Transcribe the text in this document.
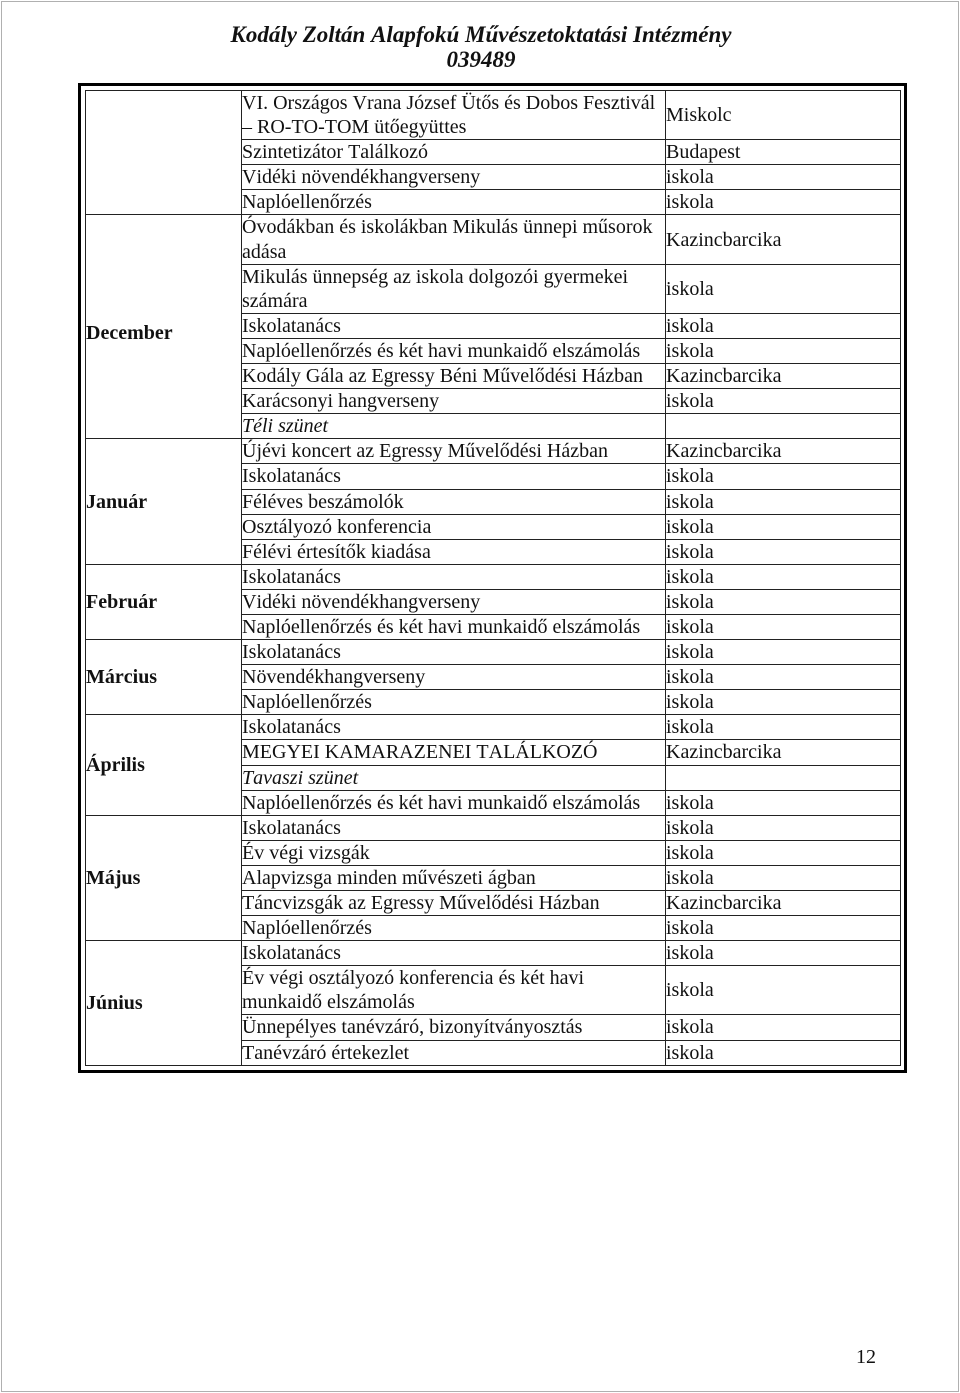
Kodály Zoltán Alapfokú Művészetoktatási Intézmény
039489
	VI. Országos Vrana József Ütős és Dobos Fesztivál – RO-TO-TOM ütőegyüttes	Miskolc
	Szintetizátor Találkozó	Budapest
	Vidéki növendékhangverseny	iskola
	Naplóellenőrzés	iskola

December	Óvodákban és iskolákban Mikulás ünnepi műsorok adása	Kazincbarcika
	Mikulás ünnepség az iskola dolgozói gyermekei számára	iskola
	Iskolatanács	iskola
	Naplóellenőrzés és két havi munkaidő elszámolás	iskola
	Kodály Gála az Egressy Béni Művelődési Házban	Kazincbarcika
	Karácsonyi hangverseny	iskola
	Téli szünet	

Január	Újévi koncert az Egressy Művelődési Házban	Kazincbarcika
	Iskolatanács	iskola
	Féléves beszámolók	iskola
	Osztályozó konferencia	iskola
	Félévi értesítők kiadása	iskola

Február	Iskolatanács	iskola
	Vidéki növendékhangverseny	iskola
	Naplóellenőrzés és két havi munkaidő elszámolás	iskola

Március	Iskolatanács	iskola
	Növendékhangverseny	iskola
	Naplóellenőrzés	iskola

Április	Iskolatanács	iskola
	MEGYEI KAMARAZENEI TALÁLKOZÓ	Kazincbarcika
	Tavaszi szünet	
	Naplóellenőrzés és két havi munkaidő elszámolás	iskola

Május	Iskolatanács	iskola
	Év végi vizsgák	iskola
	Alapvizsga minden művészeti ágban	iskola
	Táncvizsgák az Egressy Művelődési Házban	Kazincbarcika
	Naplóellenőrzés	iskola

Június	Iskolatanács	iskola
	Év végi osztályozó konferencia és két havi munkaidő elszámolás	iskola
	Ünnepélyes tanévzáró, bizonyítványosztás	iskola
	Tanévzáró értekezlet	iskola
12
